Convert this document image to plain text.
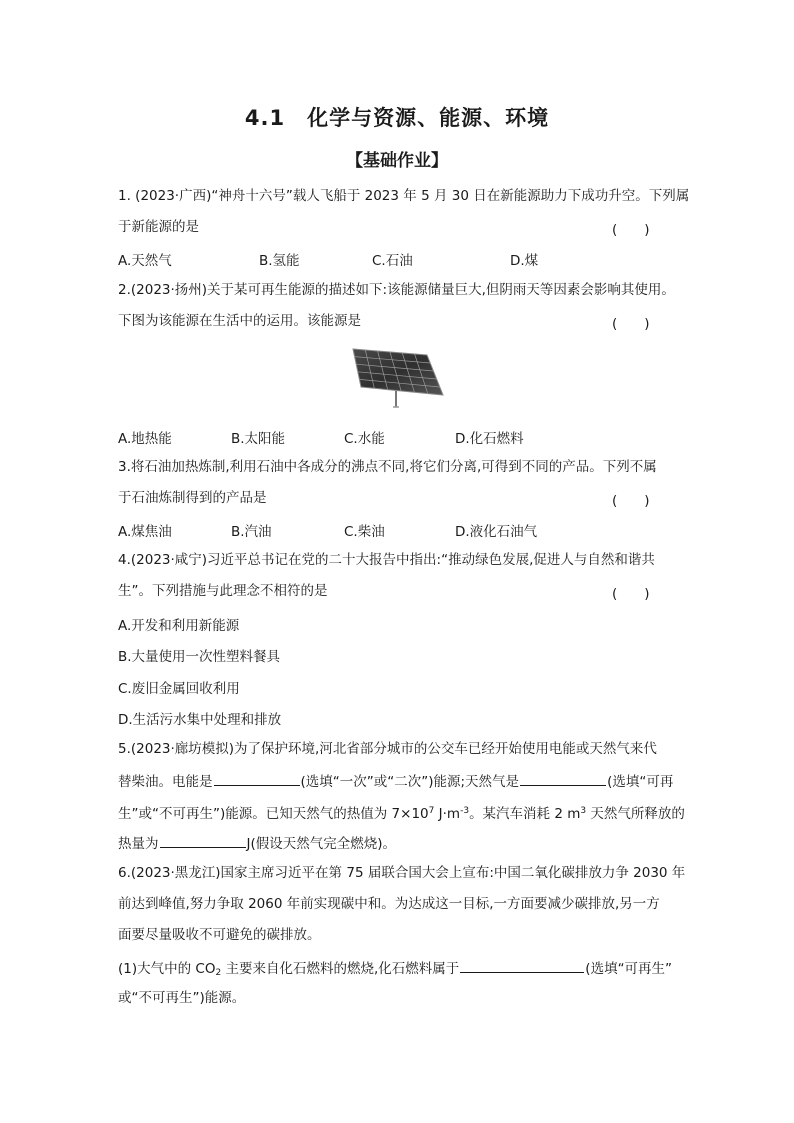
4.1　化学与资源、能源、环境
【基础作业】
1. (2023·广西)“神舟十六号”载人飞船于 2023 年 5 月 30 日在新能源助力下成功升空。下列属
于新能源的是	(　　)
A.天然气	B.氢能	C.石油	D.煤
2.(2023·扬州)关于某可再生能源的描述如下:该能源储量巨大,但阴雨天等因素会影响其使用。
下图为该能源在生活中的运用。该能源是	(　　)
A.地热能	B.太阳能	C.水能	D.化石燃料
3.将石油加热炼制,利用石油中各成分的沸点不同,将它们分离,可得到不同的产品。下列不属
于石油炼制得到的产品是	(　　)
A.煤焦油	B.汽油	C.柴油	D.液化石油气
4.(2023·咸宁)习近平总书记在党的二十大报告中指出:“推动绿色发展,促进人与自然和谐共
生”。下列措施与此理念不相符的是	(　　)
A.开发和利用新能源
B.大量使用一次性塑料餐具
C.废旧金属回收利用
D.生活污水集中处理和排放
5.(2023·廊坊模拟)为了保护环境,河北省部分城市的公交车已经开始使用电能或天然气来代
替柴油。电能是	(选填“一次”或“二次”)能源;天然气是	(选填“可再
生”或“不可再生”)能源。已知天然气的热值为 $7\times 10^7$ $J\cdot m^{-3}$。某汽车消耗 2 $m^3$ 天然气所释放的
热量为	J(假设天然气完全燃烧)。
6.(2023·黑龙江)国家主席习近平在第 75 届联合国大会上宣布:中国二氧化碳排放力争 2030 年
前达到峰值,努力争取 2060 年前实现碳中和。为达成这一目标,一方面要减少碳排放,另一方
面要尽量吸收不可避免的碳排放。
(1)大气中的 $CO_2$ 主要来自化石燃料的燃烧,化石燃料属于	(选填“可再生”
或“不可再生”)能源。
